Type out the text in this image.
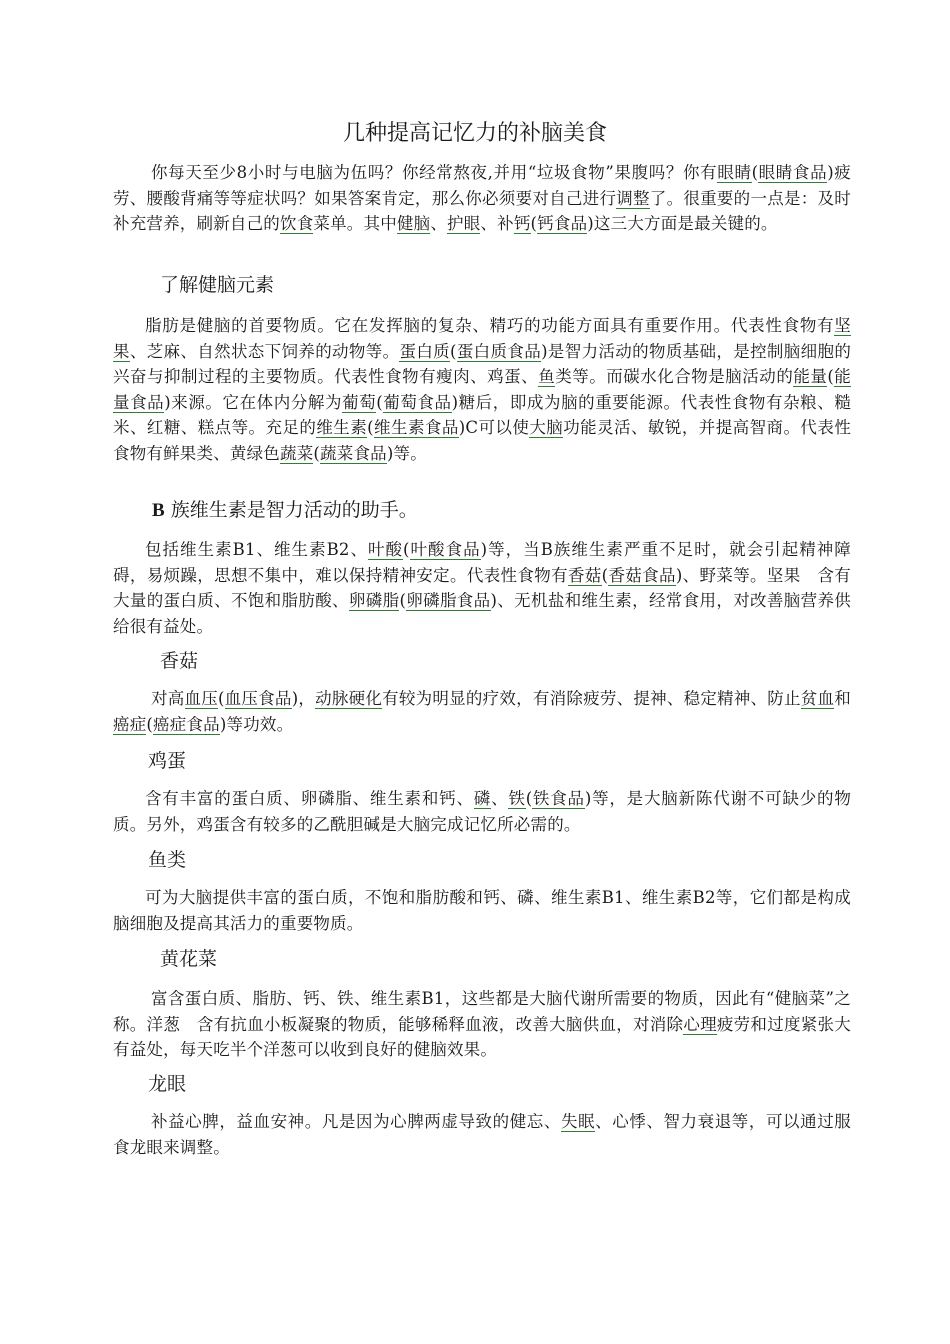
几种提高记忆力的补脑美食
你每天至少8小时与电脑为伍吗？你经常熬夜,并用“垃圾食物”果腹吗？你有眼睛(眼睛食品)疲劳、腰酸背痛等等症状吗？如果答案肯定，那么你必须要对自己进行调整了。很重要的一点是：及时补充营养，刷新自己的饮食菜单。其中健脑、护眼、补钙(钙食品)这三大方面是最关键的。
了解健脑元素
脂肪是健脑的首要物质。它在发挥脑的复杂、精巧的功能方面具有重要作用。代表性食物有坚果、芝麻、自然状态下饲养的动物等。蛋白质(蛋白质食品)是智力活动的物质基础，是控制脑细胞的兴奋与抑制过程的主要物质。代表性食物有瘦肉、鸡蛋、鱼类等。而碳水化合物是脑活动的能量(能量食品)来源。它在体内分解为葡萄(葡萄食品)糖后，即成为脑的重要能源。代表性食物有杂粮、糙米、红糖、糕点等。充足的维生素(维生素食品)C可以使大脑功能灵活、敏锐，并提高智商。代表性食物有鲜果类、黄绿色蔬菜(蔬菜食品)等。
B 族维生素是智力活动的助手。
包括维生素B1、维生素B2、叶酸(叶酸食品)等，当B族维生素严重不足时，就会引起精神障碍，易烦躁，思想不集中，难以保持精神安定。代表性食物有香菇(香菇食品)、野菜等。坚果　含有大量的蛋白质、不饱和脂肪酸、卵磷脂(卵磷脂食品)、无机盐和维生素，经常食用，对改善脑营养供给很有益处。
香菇
对高血压(血压食品)，动脉硬化有较为明显的疗效，有消除疲劳、提神、稳定精神、防止贫血和癌症(癌症食品)等功效。
鸡蛋
含有丰富的蛋白质、卵磷脂、维生素和钙、磷、铁(铁食品)等，是大脑新陈代谢不可缺少的物质。另外，鸡蛋含有较多的乙酰胆碱是大脑完成记忆所必需的。
鱼类
可为大脑提供丰富的蛋白质，不饱和脂肪酸和钙、磷、维生素B1、维生素B2等，它们都是构成脑细胞及提高其活力的重要物质。
黄花菜
富含蛋白质、脂肪、钙、铁、维生素B1，这些都是大脑代谢所需要的物质，因此有“健脑菜”之称。洋葱　含有抗血小板凝聚的物质，能够稀释血液，改善大脑供血，对消除心理疲劳和过度紧张大有益处，每天吃半个洋葱可以收到良好的健脑效果。
龙眼
补益心脾，益血安神。凡是因为心脾两虚导致的健忘、失眠、心悸、智力衰退等，可以通过服食龙眼来调整。
